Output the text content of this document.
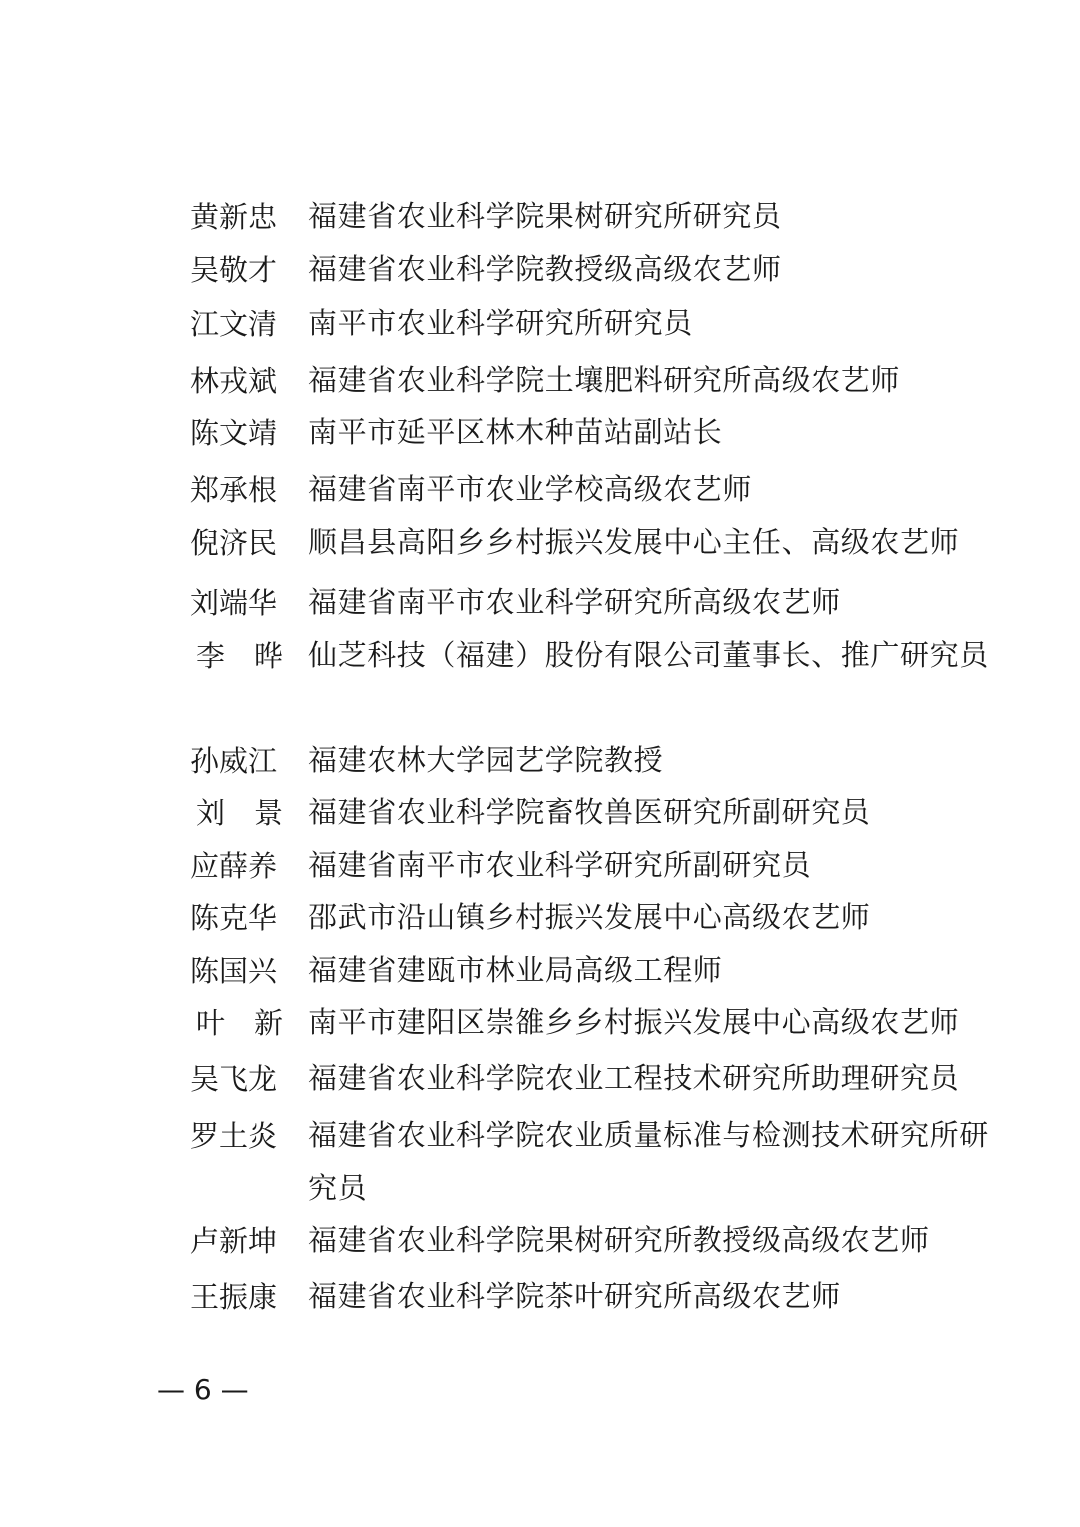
黄新忠	福建省农业科学院果树研究所研究员
吴敬才	福建省农业科学院教授级高级农艺师
江文清	南平市农业科学研究所研究员
林戎斌	福建省农业科学院土壤肥料研究所高级农艺师
陈文靖	南平市延平区林木种苗站副站长
郑承根	福建省南平市农业学校高级农艺师
倪济民	顺昌县高阳乡乡村振兴发展中心主任、高级农艺师
刘端华	福建省南平市农业科学研究所高级农艺师
李　晔 仙芝科技（福建）股份有限公司董事长、推广研究员
孙威江	福建农林大学园艺学院教授
刘　景 福建省农业科学院畜牧兽医研究所副研究员
应薛养	福建省南平市农业科学研究所副研究员
陈克华	邵武市沿山镇乡村振兴发展中心高级农艺师
陈国兴	福建省建瓯市林业局高级工程师
叶　新 南平市建阳区崇雒乡乡村振兴发展中心高级农艺师
吴飞龙	福建省农业科学院农业工程技术研究所助理研究员
罗土炎	福建省农业科学院农业质量标准与检测技术研究所研究员
卢新坤	福建省农业科学院果树研究所教授级高级农艺师
王振康	福建省农业科学院茶叶研究所高级农艺师
— 6 —
